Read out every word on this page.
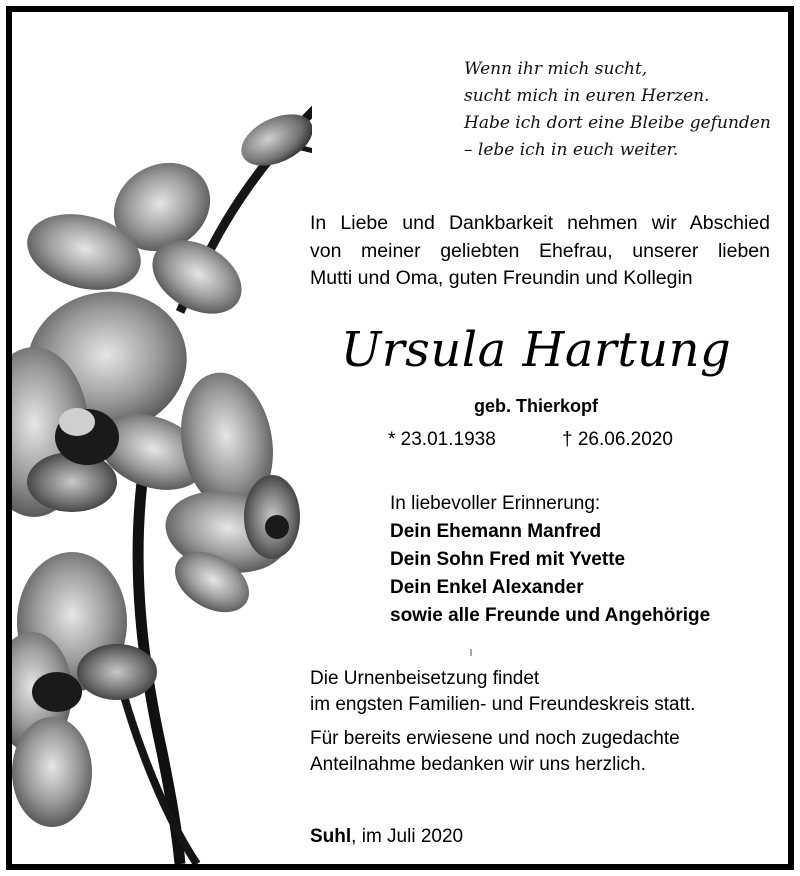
Wenn ihr mich sucht,
sucht mich in euren Herzen.
Habe ich dort eine Bleibe gefunden
– lebe ich in euch weiter.
In Liebe und Dankbarkeit nehmen wir Abschied
von meiner geliebten Ehefrau, unserer lieben
Mutti und Oma, guten Freundin und Kollegin
Ursula Hartung
geb. Thierkopf
* 23.01.1938	† 26.06.2020
In liebevoller Erinnerung:
Dein Ehemann Manfred
Dein Sohn Fred mit Yvette
Dein Enkel Alexander
sowie alle Freunde und Angehörige
Die Urnenbeisetzung findet
im engsten Familien- und Freundeskreis statt.
Für bereits erwiesene und noch zugedachte
Anteilnahme bedanken wir uns herzlich.
Suhl, im Juli 2020
